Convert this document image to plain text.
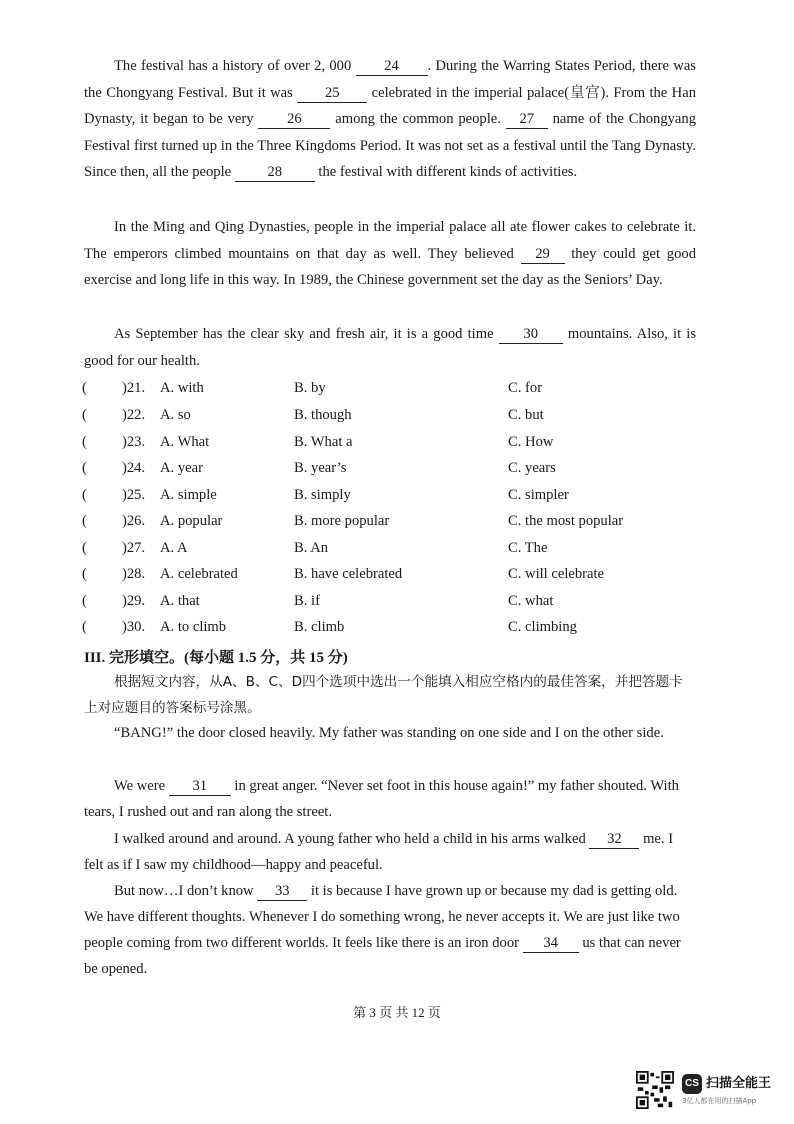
The festival has a history of over 2, 000 24 . During the Warring States Period, there was the Chongyang Festival. But it was 25 celebrated in the imperial palace(皇宫). From the Han Dynasty, it began to be very 26 among the common people. 27 name of the Chongyang Festival first turned up in the Three Kingdoms Period. It was not set as a festival until the Tang Dynasty. Since then, all the people 28 the festival with different kinds of activities.

In the Ming and Qing Dynasties, people in the imperial palace all ate flower cakes to celebrate it. The emperors climbed mountains on that day as well. They believed 29 they could get good exercise and long life in this way. In 1989, the Chinese government set the day as the Seniors’ Day.

As September has the clear sky and fresh air, it is a good time 30 mountains. Also, it is good for our health.

( )21. A. with	B. by	C. for
( )22. A. so	B. though	C. but
( )23. A. What	B. What a	C. How
( )24. A. year	B. year’s	C. years
( )25. A. simple	B. simply	C. simpler
( )26. A. popular	B. more popular	C. the most popular
( )27. A. A	B. An	C. The
( )28. A. celebrated	B. have celebrated	C. will celebrate
( )29. A. that	B. if	C. what
( )30. A. to climb	B. climb	C. climbing
III. 完形填空。(每小题 1.5 分，共 15 分)

根据短文内容，从A、B、C、D四个选项中选出一个能填入相应空格内的最佳答案，并把答题卡上对应题目的答案标号涂黑。

“BANG!” the door closed heavily. My father was standing on one side and I on the other side.

We were 31 in great anger. “Never set foot in this house again!” my father shouted. With tears, I rushed out and ran along the street.

I walked around and around. A young father who held a child in his arms walked 32 me. I felt as if I saw my childhood—happy and peaceful.

But now…I don’t know 33 it is because I have grown up or because my dad is getting old. We have different thoughts. Whenever I do something wrong, he never accepts it. We are just like two people coming from two different worlds. It feels like there is an iron door 34 us that can never be opened.

第 3 页 共 12 页
CS 扫描全能王
3亿人都在用的扫描App
